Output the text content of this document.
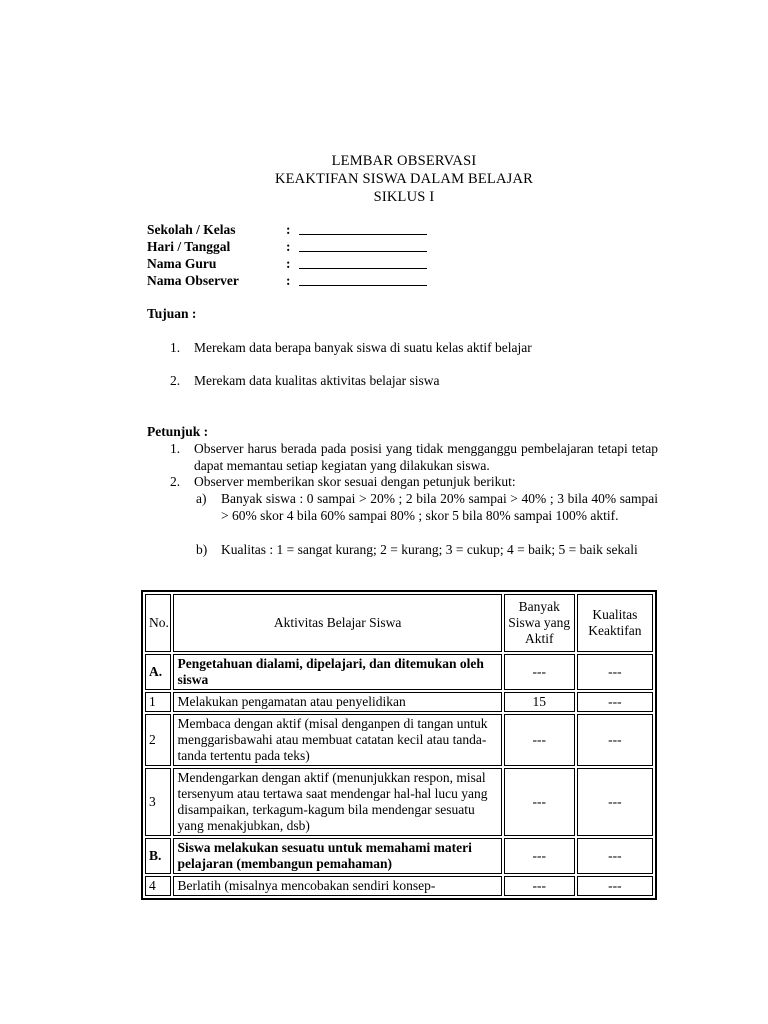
LEMBAR OBSERVASI
KEAKTIFAN SISWA DALAM BELAJAR
SIKLUS I
Sekolah / Kelas	:
Hari / Tanggal	:
Nama Guru	:
Nama Observer	:
Tujuan :
1. Merekam data berapa banyak siswa di suatu kelas aktif belajar
2. Merekam data kualitas aktivitas belajar siswa
Petunjuk :
1. Observer harus berada pada posisi yang tidak mengganggu pembelajaran tetapi tetap dapat memantau setiap kegiatan yang dilakukan siswa.
2. Observer memberikan skor sesuai dengan petunjuk berikut:
a) Banyak siswa : 0 sampai > 20% ; 2 bila 20% sampai > 40% ; 3 bila 40% sampai > 60% skor 4 bila 60% sampai 80% ; skor 5 bila 80% sampai 100% aktif.
b) Kualitas : 1 = sangat kurang; 2 = kurang; 3 = cukup; 4 = baik; 5 = baik sekali
No.	Aktivitas Belajar Siswa	Banyak Siswa yang Aktif	Kualitas Keaktifan
A.	Pengetahuan dialami, dipelajari, dan ditemukan oleh siswa	---	---
1	Melakukan pengamatan atau penyelidikan	15	---
2	Membaca dengan aktif (misal denganpen di tangan untuk menggarisbawahi atau membuat catatan kecil atau tanda-tanda tertentu pada teks)	---	---
3	Mendengarkan dengan aktif (menunjukkan respon, misal tersenyum atau tertawa saat mendengar hal-hal lucu yang disampaikan, terkagum-kagum bila mendengar sesuatu yang menakjubkan, dsb)	---	---
B.	Siswa melakukan sesuatu untuk memahami materi pelajaran (membangun pemahaman)	---	---
4	Berlatih (misalnya mencobakan sendiri konsep-	---	---
